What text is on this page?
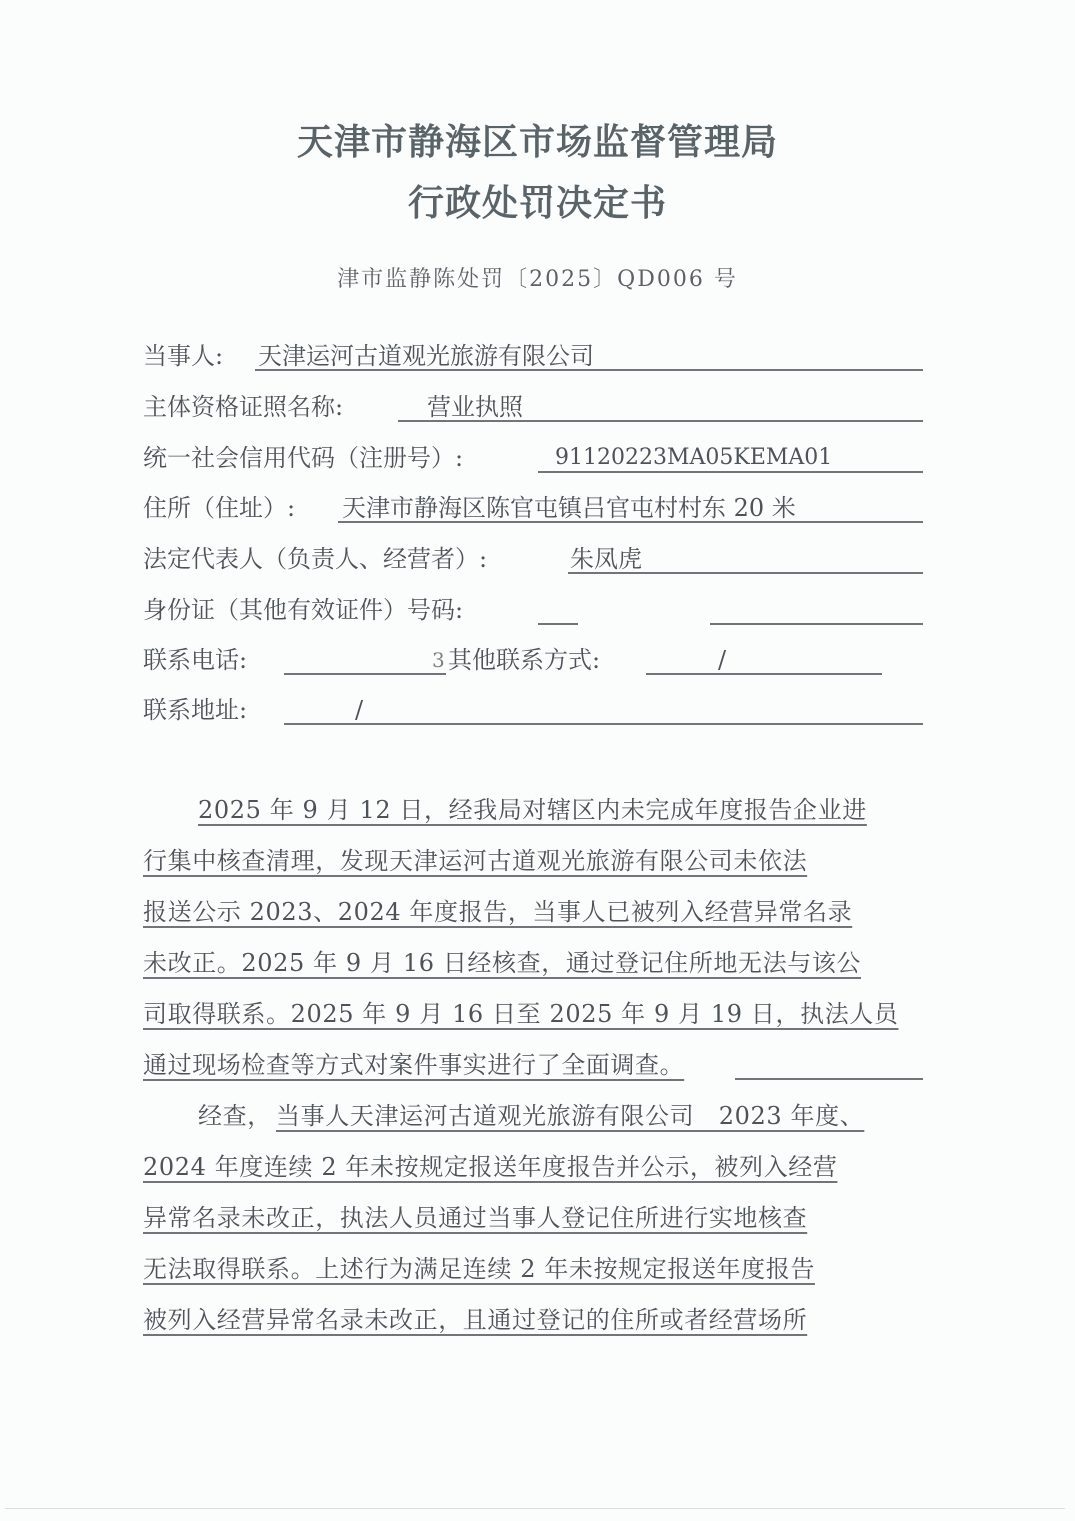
天津市静海区市场监督管理局
行政处罚决定书
津市监静陈处罚〔2025〕QD006 号
当事人: 天津运河古道观光旅游有限公司
主体资格证照名称:	营业执照
统一社会信用代码（注册号）:	91120223MA05KEMA01
住所（住址）: 天津市静海区陈官屯镇吕官屯村村东 20 米
法定代表人（负责人、经营者）:	朱凤虎
身份证（其他有效证件）号码:
联系电话:	3 其他联系方式:	/
联系地址:	/
2025 年 9 月 12 日，经我局对辖区内未完成年度报告企业进
行集中核查清理，发现天津运河古道观光旅游有限公司未依法
报送公示 2023、2024 年度报告，当事人已被列入经营异常名录
未改正。2025 年 9 月 16 日经核查，通过登记住所地无法与该公
司取得联系。2025 年 9 月 16 日至 2025 年 9 月 19 日，执法人员
通过现场检查等方式对案件事实进行了全面调查。
经查， 当事人天津运河古道观光旅游有限公司　2023 年度、
2024 年度连续 2 年未按规定报送年度报告并公示，被列入经营
异常名录未改正，执法人员通过当事人登记住所进行实地核查
无法取得联系。上述行为满足连续 2 年未按规定报送年度报告
被列入经营异常名录未改正，且通过登记的住所或者经营场所
